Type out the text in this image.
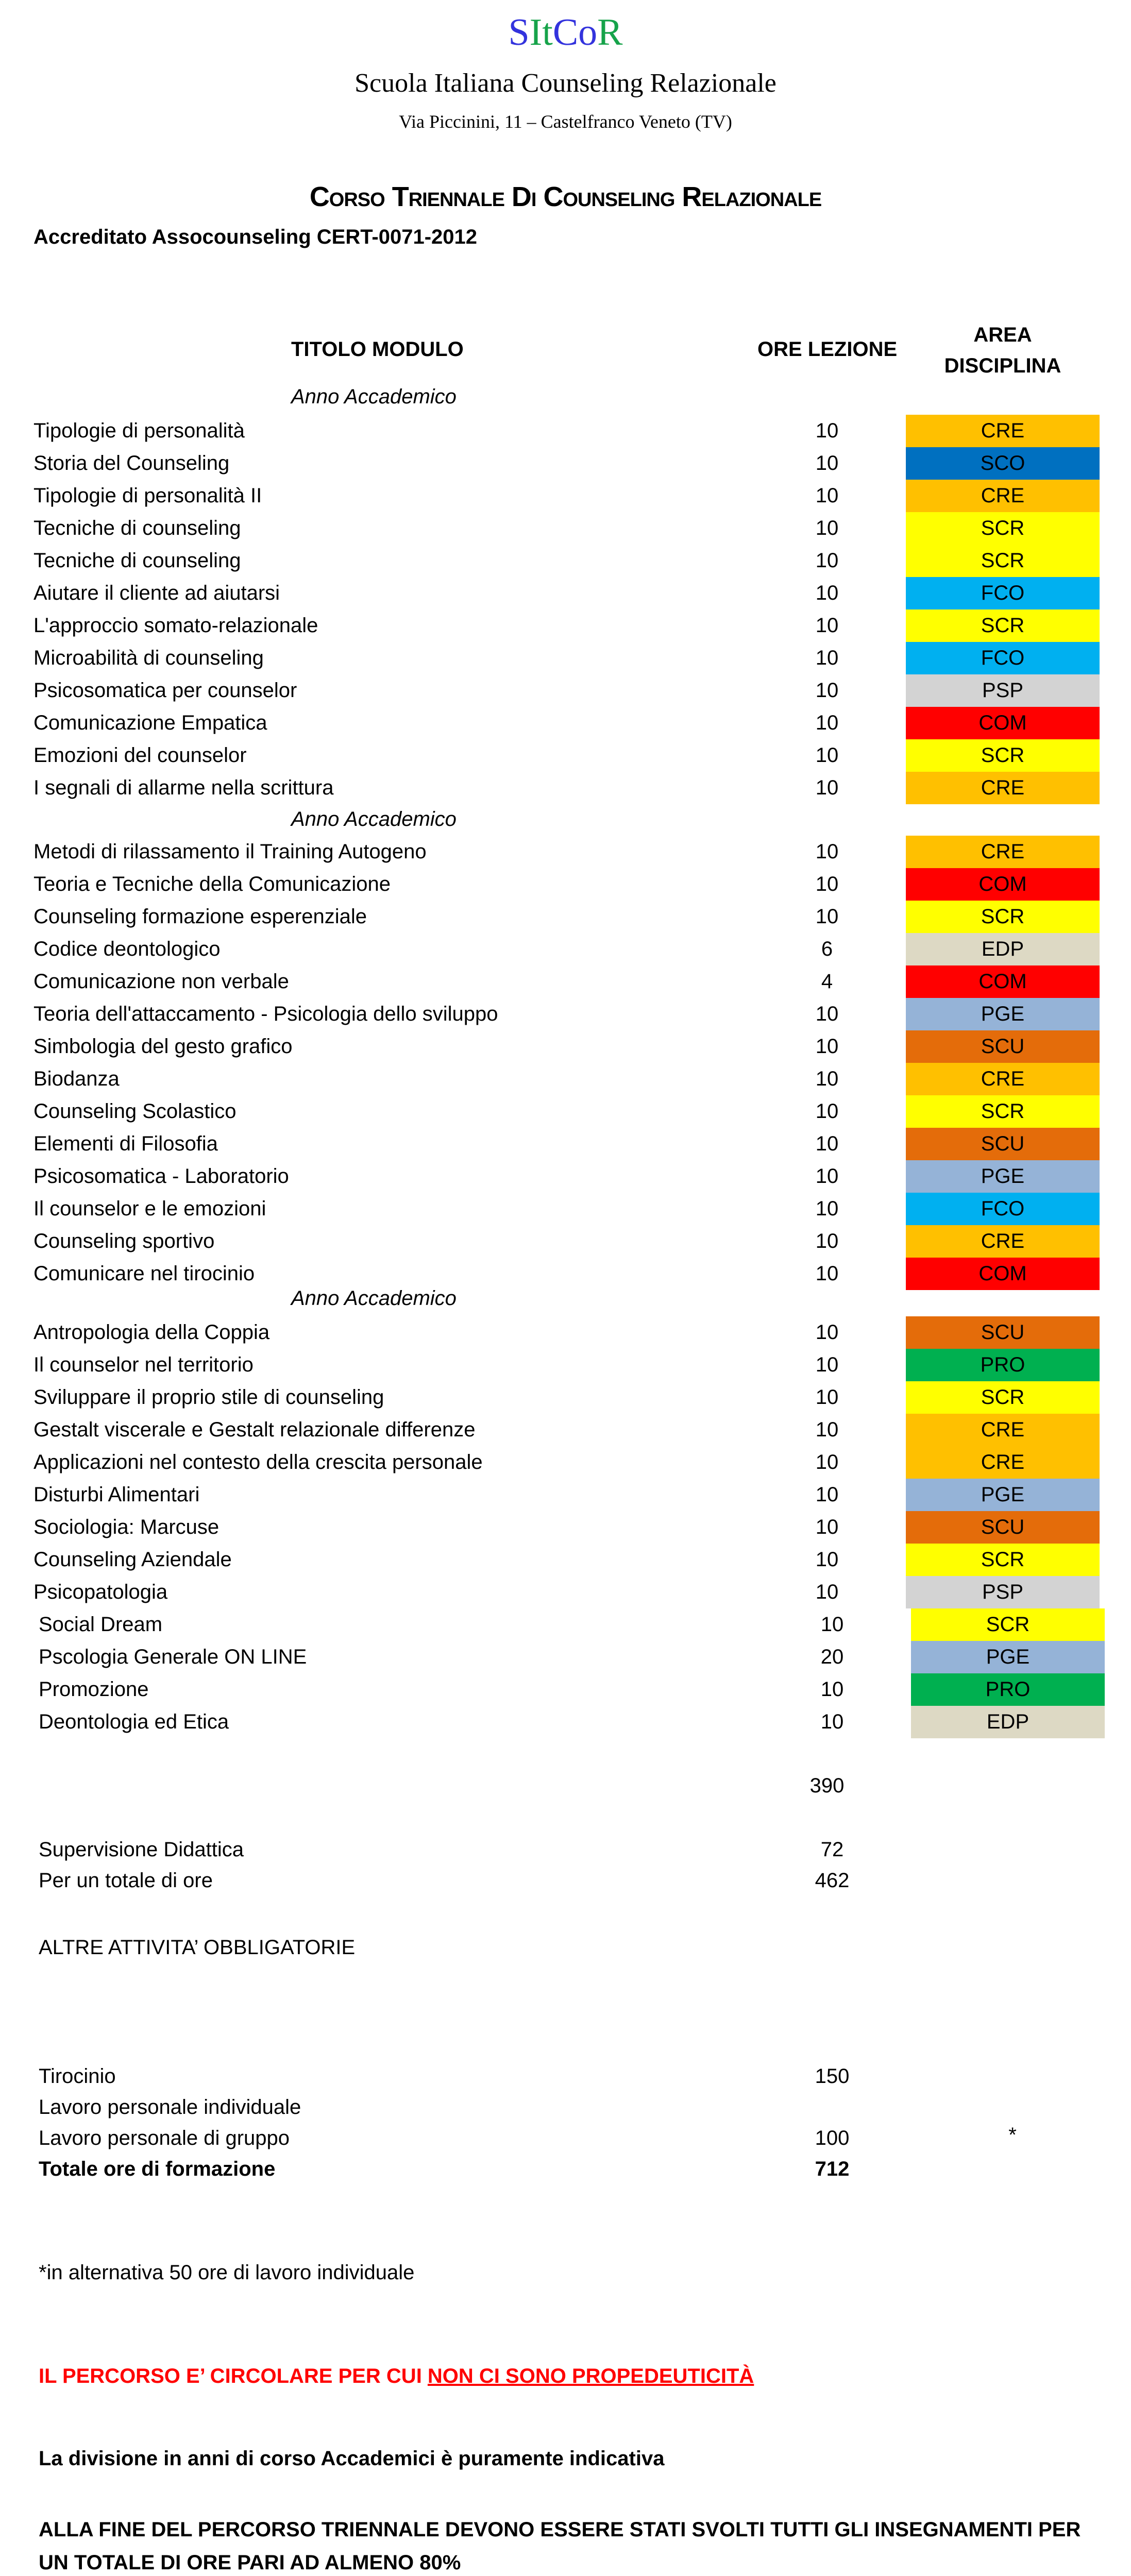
SItCoR
Scuola Italiana Counseling Relazionale
Via Piccinini, 11 – Castelfranco Veneto (TV)
Corso Triennale Di Counseling Relazionale
Accreditato Assocounseling CERT-0071-2012
TITOLO MODULO	ORE LEZIONE
AREA
DISCIPLINA
Anno Accademico
Tipologie di personalità	10	CRE
Storia del Counseling	10	SCO
Tipologie di personalità II	10	CRE
Tecniche di counseling	10	SCR
Tecniche di counseling	10	SCR
Aiutare il cliente ad aiutarsi	10	FCO
L'approccio somato-relazionale	10	SCR
Microabilità di counseling	10	FCO
Psicosomatica per counselor	10	PSP
Comunicazione Empatica	10	COM
Emozioni del counselor	10	SCR
I segnali di allarme nella scrittura	10	CRE
Anno Accademico
Metodi di rilassamento il Training Autogeno	10	CRE
Teoria e Tecniche della Comunicazione	10	COM
Counseling formazione esperenziale	10	SCR
Codice deontologico	6	EDP
Comunicazione non verbale	4	COM
Teoria dell'attaccamento - Psicologia dello sviluppo	10	PGE
Simbologia del gesto grafico	10	SCU
Biodanza	10	CRE
Counseling Scolastico	10	SCR
Elementi di Filosofia	10	SCU
Psicosomatica - Laboratorio	10	PGE
Il counselor e le emozioni	10	FCO
Counseling sportivo	10	CRE
Comunicare nel tirocinio	10	COM
Anno Accademico
Antropologia della Coppia	10	SCU
Il counselor nel territorio	10	PRO
Sviluppare il proprio stile di counseling	10	SCR
Gestalt viscerale e Gestalt relazionale differenze	10	CRE
Applicazioni nel contesto della crescita personale	10	CRE
Disturbi Alimentari	10	PGE
Sociologia: Marcuse	10	SCU
Counseling Aziendale	10	SCR
Psicopatologia	10	PSP
Social Dream	10	SCR
Pscologia Generale ON LINE	20	PGE
Promozione	10	PRO
Deontologia ed Etica	10	EDP
390
Supervisione Didattica	72
Per un totale di ore	462
ALTRE ATTIVITA’ OBBLIGATORIE
Tirocinio	150
Lavoro personale individuale
Lavoro personale di gruppo	100	*
Totale ore di formazione	712
*in alternativa 50 ore di lavoro individuale
IL PERCORSO E’ CIRCOLARE PER CUI NON CI SONO PROPEDEUTICITÀ
La divisione in anni di corso Accademici è puramente indicativa
ALLA FINE DEL PERCORSO TRIENNALE DEVONO ESSERE STATI SVOLTI TUTTI GLI INSEGNAMENTI PER UN TOTALE DI ORE PARI AD ALMENO 80%
